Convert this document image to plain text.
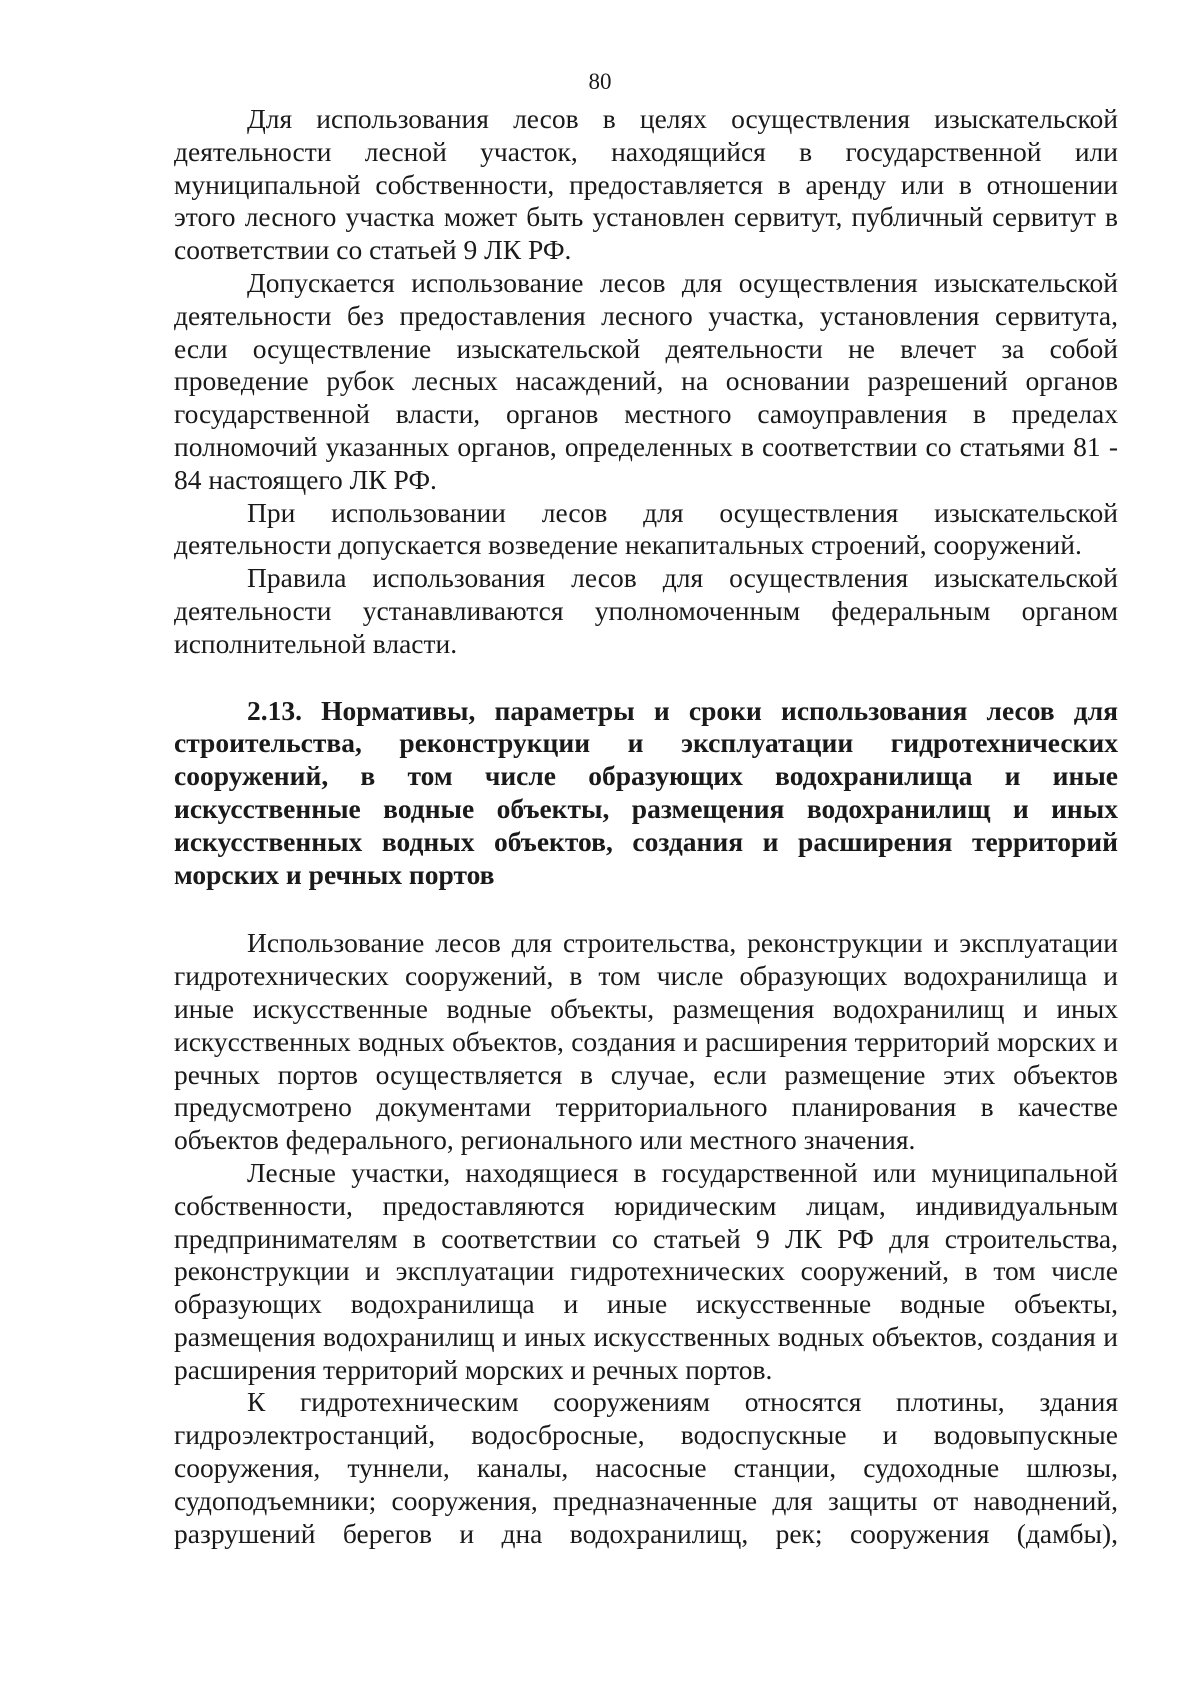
80

Для использования лесов в целях осуществления изыскательской деятельности лесной участок, находящийся в государственной или муниципальной собственности, предоставляется в аренду или в отношении этого лесного участка может быть установлен сервитут, публичный сервитут в соответствии со статьей 9 ЛК РФ.

Допускается использование лесов для осуществления изыскательской деятельности без предоставления лесного участка, установления сервитута, если осуществление изыскательской деятельности не влечет за собой проведение рубок лесных насаждений, на основании разрешений органов государственной власти, органов местного самоуправления в пределах полномочий указанных органов, определенных в соответствии со статьями 81 - 84 настоящего ЛК РФ.

При использовании лесов для осуществления изыскательской деятельности допускается возведение некапитальных строений, сооружений.

Правила использования лесов для осуществления изыскательской деятельности устанавливаются уполномоченным федеральным органом исполнительной власти.

2.13. Нормативы, параметры и сроки использования лесов для строительства, реконструкции и эксплуатации гидротехнических сооружений, в том числе образующих водохранилища и иные искусственные водные объекты, размещения водохранилищ и иных искусственных водных объектов, создания и расширения территорий морских и речных портов

Использование лесов для строительства, реконструкции и эксплуатации гидротехнических сооружений, в том числе образующих водохранилища и иные искусственные водные объекты, размещения водохранилищ и иных искусственных водных объектов, создания и расширения территорий морских и речных портов осуществляется в случае, если размещение этих объектов предусмотрено документами территориального планирования в качестве объектов федерального, регионального или местного значения.

Лесные участки, находящиеся в государственной или муниципальной собственности, предоставляются юридическим лицам, индивидуальным предпринимателям в соответствии со статьей 9 ЛК РФ для строительства, реконструкции и эксплуатации гидротехнических сооружений, в том числе образующих водохранилища и иные искусственные водные объекты, размещения водохранилищ и иных искусственных водных объектов, создания и расширения территорий морских и речных портов.

К гидротехническим сооружениям относятся плотины, здания гидроэлектростанций, водосбросные, водоспускные и водовыпускные сооружения, туннели, каналы, насосные станции, судоходные шлюзы, судоподъемники; сооружения, предназначенные для защиты от наводнений, разрушений берегов и дна водохранилищ, рек; сооружения (дамбы),
